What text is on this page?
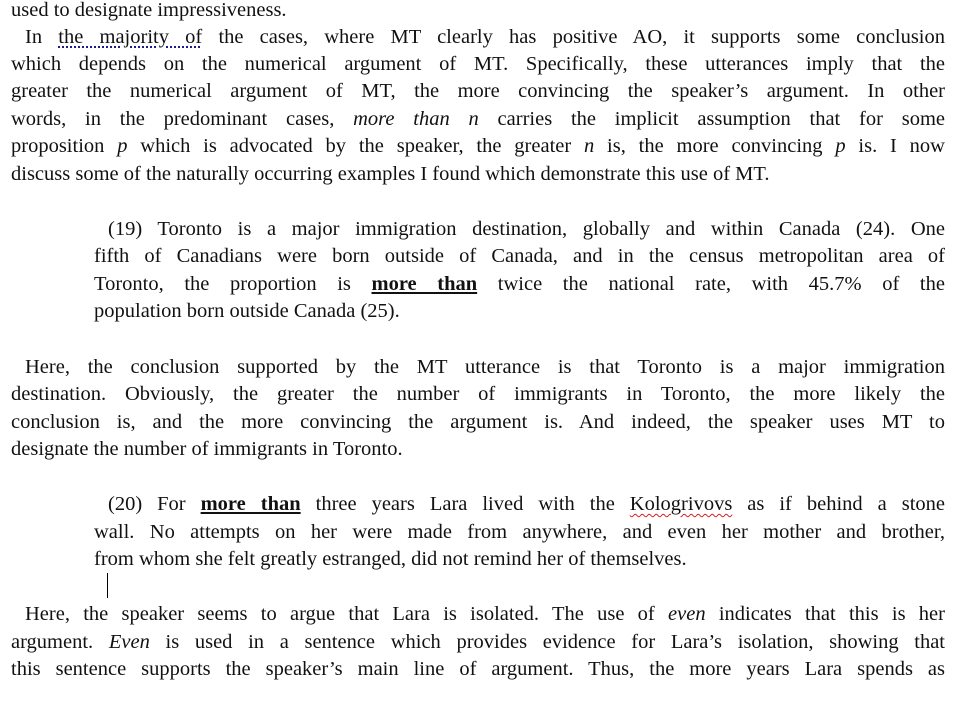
used to designate impressiveness.
In the majority of the cases, where MT clearly has positive AO, it supports some conclusion
which depends on the numerical argument of MT. Specifically, these utterances imply that the
greater the numerical argument of MT, the more convincing the speaker’s argument. In other
words, in the predominant cases, more than n carries the implicit assumption that for some
proposition p which is advocated by the speaker, the greater n is, the more convincing p is. I now
discuss some of the naturally occurring examples I found which demonstrate this use of MT.
(19) Toronto is a major immigration destination, globally and within Canada (24). One
fifth of Canadians were born outside of Canada, and in the census metropolitan area of
Toronto, the proportion is more than twice the national rate, with 45.7% of the
population born outside Canada (25).
Here, the conclusion supported by the MT utterance is that Toronto is a major immigration
destination. Obviously, the greater the number of immigrants in Toronto, the more likely the
conclusion is, and the more convincing the argument is. And indeed, the speaker uses MT to
designate the number of immigrants in Toronto.
(20) For more than three years Lara lived with the Kologrivovs as if behind a stone
wall. No attempts on her were made from anywhere, and even her mother and brother,
from whom she felt greatly estranged, did not remind her of themselves.
Here, the speaker seems to argue that Lara is isolated. The use of even indicates that this is her
argument. Even is used in a sentence which provides evidence for Lara’s isolation, showing that
this sentence supports the speaker’s main line of argument. Thus, the more years Lara spends as
